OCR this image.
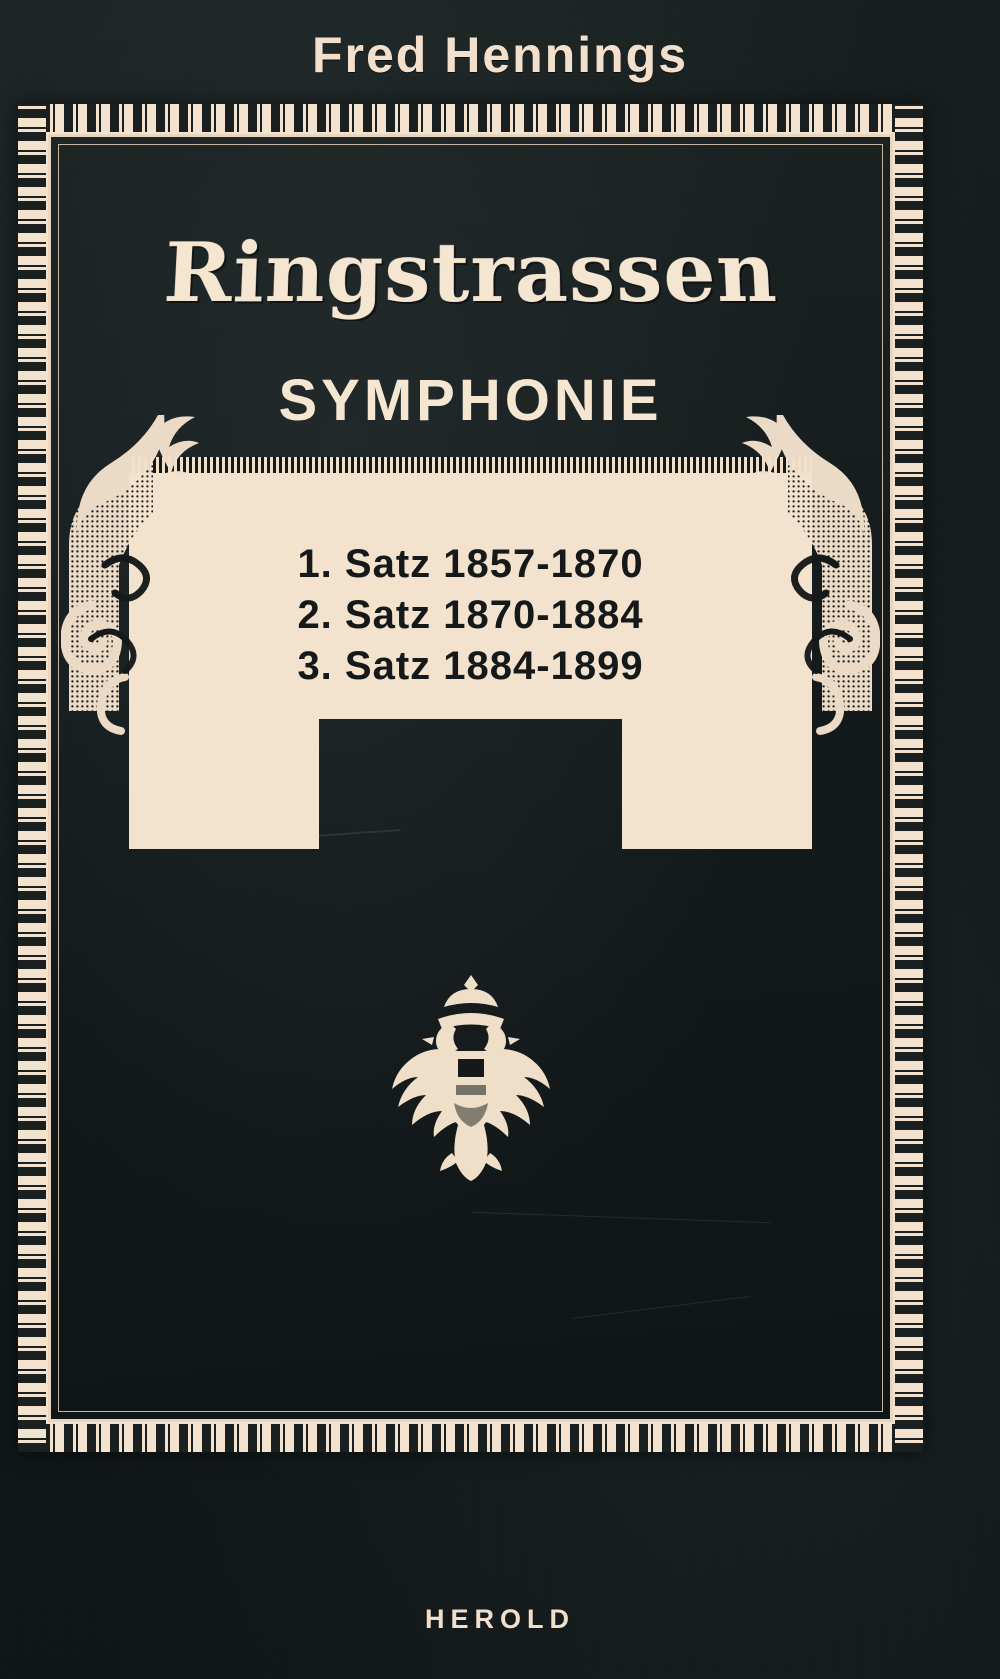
Fred Hennings
Ringstrassen
SYMPHONIE
1. Satz 1857-1870
2. Satz 1870-1884
3. Satz 1884-1899
HEROLD
